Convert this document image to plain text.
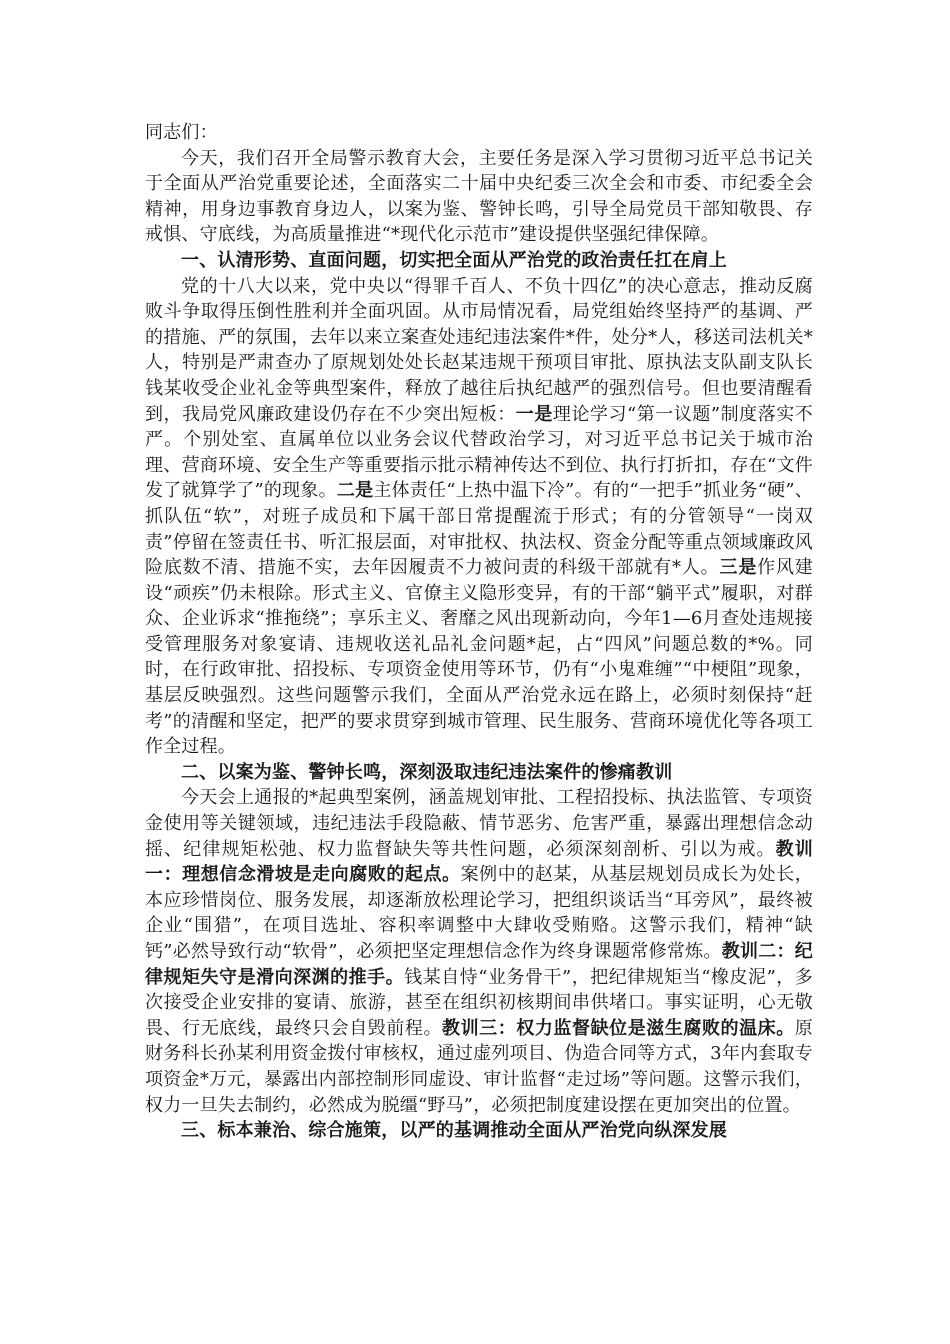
同志们：

今天，我们召开全局警示教育大会，主要任务是深入学习贯彻习近平总书记关于全面从严治党重要论述，全面落实二十届中央纪委三次全会和市委、市纪委全会精神，用身边事教育身边人，以案为鉴、警钟长鸣，引导全局党员干部知敬畏、存戒惧、守底线，为高质量推进“*现代化示范市”建设提供坚强纪律保障。

一、认清形势、直面问题，切实把全面从严治党的政治责任扛在肩上

党的十八大以来，党中央以“得罪千百人、不负十四亿”的决心意志，推动反腐败斗争取得压倒性胜利并全面巩固。从市局情况看，局党组始终坚持严的基调、严的措施、严的氛围，去年以来立案查处违纪违法案件*件，处分*人，移送司法机关*人，特别是严肃查办了原规划处处长赵某违规干预项目审批、原执法支队副支队长钱某收受企业礼金等典型案件，释放了越往后执纪越严的强烈信号。但也要清醒看到，我局党风廉政建设仍存在不少突出短板：一是理论学习“第一议题”制度落实不严。个别处室、直属单位以业务会议代替政治学习，对习近平总书记关于城市治理、营商环境、安全生产等重要指示批示精神传达不到位、执行打折扣，存在“文件发了就算学了”的现象。二是主体责任“上热中温下冷”。有的“一把手”抓业务“硬”、抓队伍“软”，对班子成员和下属干部日常提醒流于形式；有的分管领导“一岗双责”停留在签责任书、听汇报层面，对审批权、执法权、资金分配等重点领域廉政风险底数不清、措施不实，去年因履责不力被问责的科级干部就有*人。三是作风建设“顽疾”仍未根除。形式主义、官僚主义隐形变异，有的干部“躺平式”履职，对群众、企业诉求“推拖绕”；享乐主义、奢靡之风出现新动向，今年1—6月查处违规接受管理服务对象宴请、违规收送礼品礼金问题*起，占“四风”问题总数的*%。同时，在行政审批、招投标、专项资金使用等环节，仍有“小鬼难缠”“中梗阻”现象，基层反映强烈。这些问题警示我们，全面从严治党永远在路上，必须时刻保持“赶考”的清醒和坚定，把严的要求贯穿到城市管理、民生服务、营商环境优化等各项工作全过程。

二、以案为鉴、警钟长鸣，深刻汲取违纪违法案件的惨痛教训

今天会上通报的*起典型案例，涵盖规划审批、工程招投标、执法监管、专项资金使用等关键领域，违纪违法手段隐蔽、情节恶劣、危害严重，暴露出理想信念动摇、纪律规矩松弛、权力监督缺失等共性问题，必须深刻剖析、引以为戒。教训一：理想信念滑坡是走向腐败的起点。案例中的赵某，从基层规划员成长为处长，本应珍惜岗位、服务发展，却逐渐放松理论学习，把组织谈话当“耳旁风”，最终被企业“围猎”，在项目选址、容积率调整中大肆收受贿赂。这警示我们，精神“缺钙”必然导致行动“软骨”，必须把坚定理想信念作为终身课题常修常炼。教训二：纪律规矩失守是滑向深渊的推手。钱某自恃“业务骨干”，把纪律规矩当“橡皮泥”，多次接受企业安排的宴请、旅游，甚至在组织初核期间串供堵口。事实证明，心无敬畏、行无底线，最终只会自毁前程。教训三：权力监督缺位是滋生腐败的温床。原财务科长孙某利用资金拨付审核权，通过虚列项目、伪造合同等方式，3年内套取专项资金*万元，暴露出内部控制形同虚设、审计监督“走过场”等问题。这警示我们，权力一旦失去制约，必然成为脱缰“野马”，必须把制度建设摆在更加突出的位置。

三、标本兼治、综合施策，以严的基调推动全面从严治党向纵深发展
